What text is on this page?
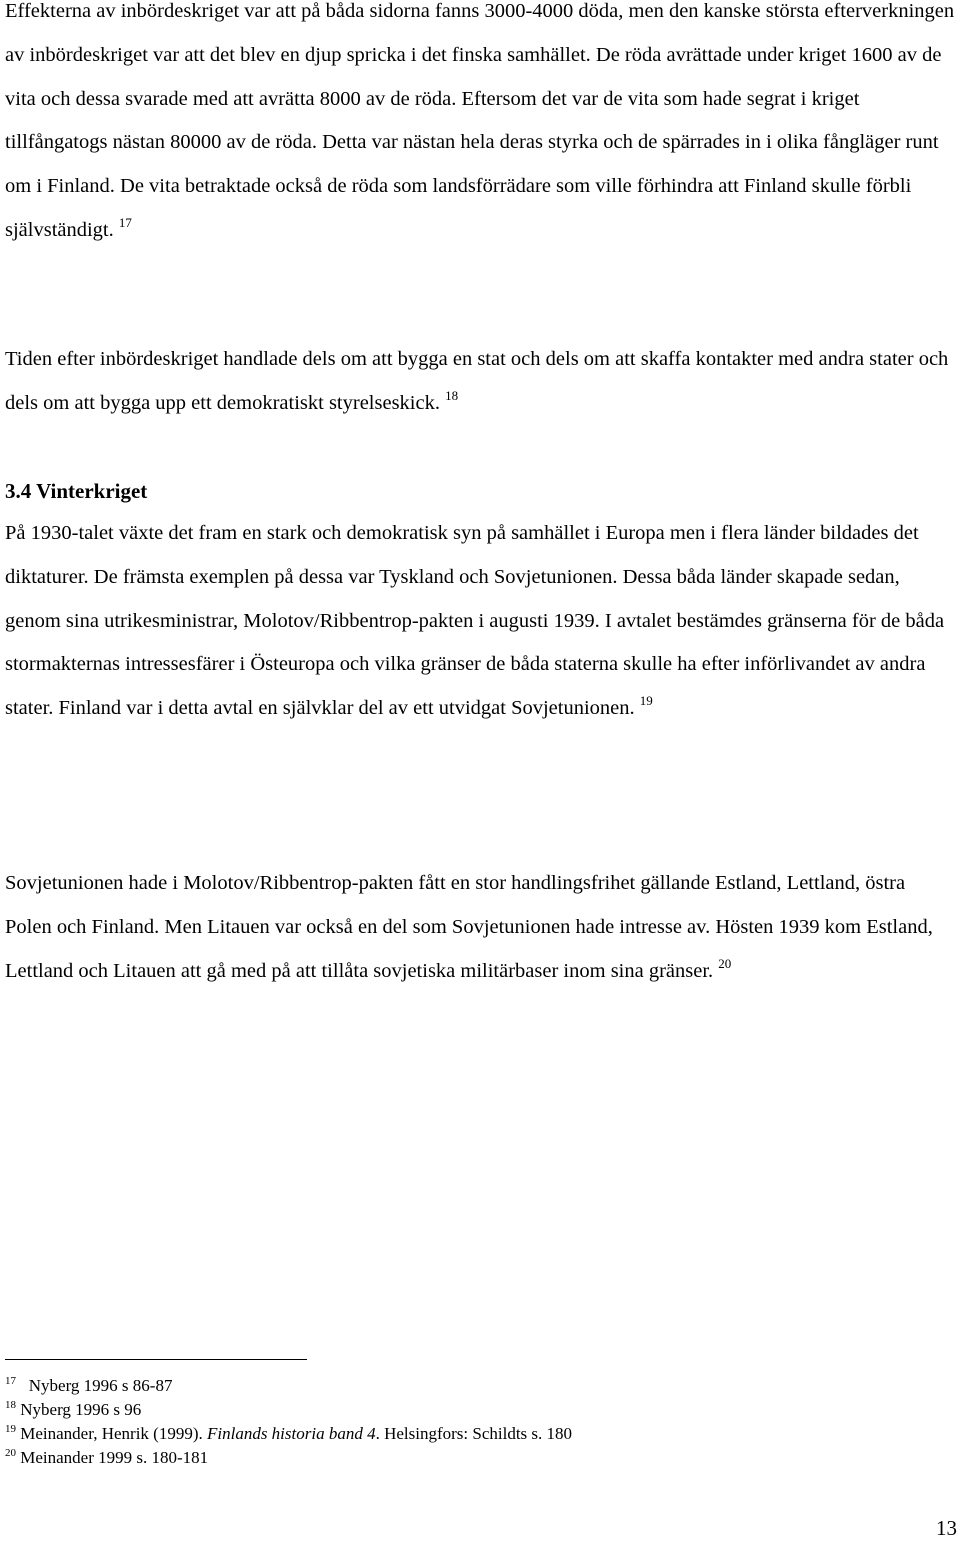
Effekterna av inbördeskriget var att på båda sidorna fanns 3000-4000 döda, men den kanske största efterverkningen av inbördeskriget var att det blev en djup spricka i det finska samhället. De röda avrättade under kriget 1600 av de vita och dessa svarade med att avrätta 8000 av de röda. Eftersom det var de vita som hade segrat i kriget tillfångatogs nästan 80000 av de röda. Detta var nästan hela deras styrka och de spärrades in i olika fångläger runt om i Finland. De vita betraktade också de röda som landsförrädare som ville förhindra att Finland skulle förbli självständigt. $^{17}$

Tiden efter inbördeskriget handlade dels om att bygga en stat och dels om att skaffa kontakter med andra stater och dels om att bygga upp ett demokratiskt styrelseskick. $^{18}$

3.4 Vinterkriget

På 1930-talet växte det fram en stark och demokratisk syn på samhället i Europa men i flera länder bildades det diktaturer. De främsta exemplen på dessa var Tyskland och Sovjetunionen. Dessa båda länder skapade sedan, genom sina utrikesministrar, Molotov/Ribbentrop-pakten i augusti 1939. I avtalet bestämdes gränserna för de båda stormakternas intressesfärer i Östeuropa och vilka gränser de båda staterna skulle ha efter införlivandet av andra stater. Finland var i detta avtal en självklar del av ett utvidgat Sovjetunionen. $^{19}$

Sovjetunionen hade i Molotov/Ribbentrop-pakten fått en stor handlingsfrihet gällande Estland, Lettland, östra Polen och Finland. Men Litauen var också en del som Sovjetunionen hade intresse av. Hösten 1939 kom Estland, Lettland och Litauen att gå med på att tillåta sovjetiska militärbaser inom sina gränser. $^{20}$

$^{17}$ Nyberg 1996 s 86-87

$^{18}$ Nyberg 1996 s 96

$^{19}$ Meinander, Henrik (1999). Finlands historia band 4. Helsingfors: Schildts s. 180

$^{20}$ Meinander 1999 s. 180-181

13
